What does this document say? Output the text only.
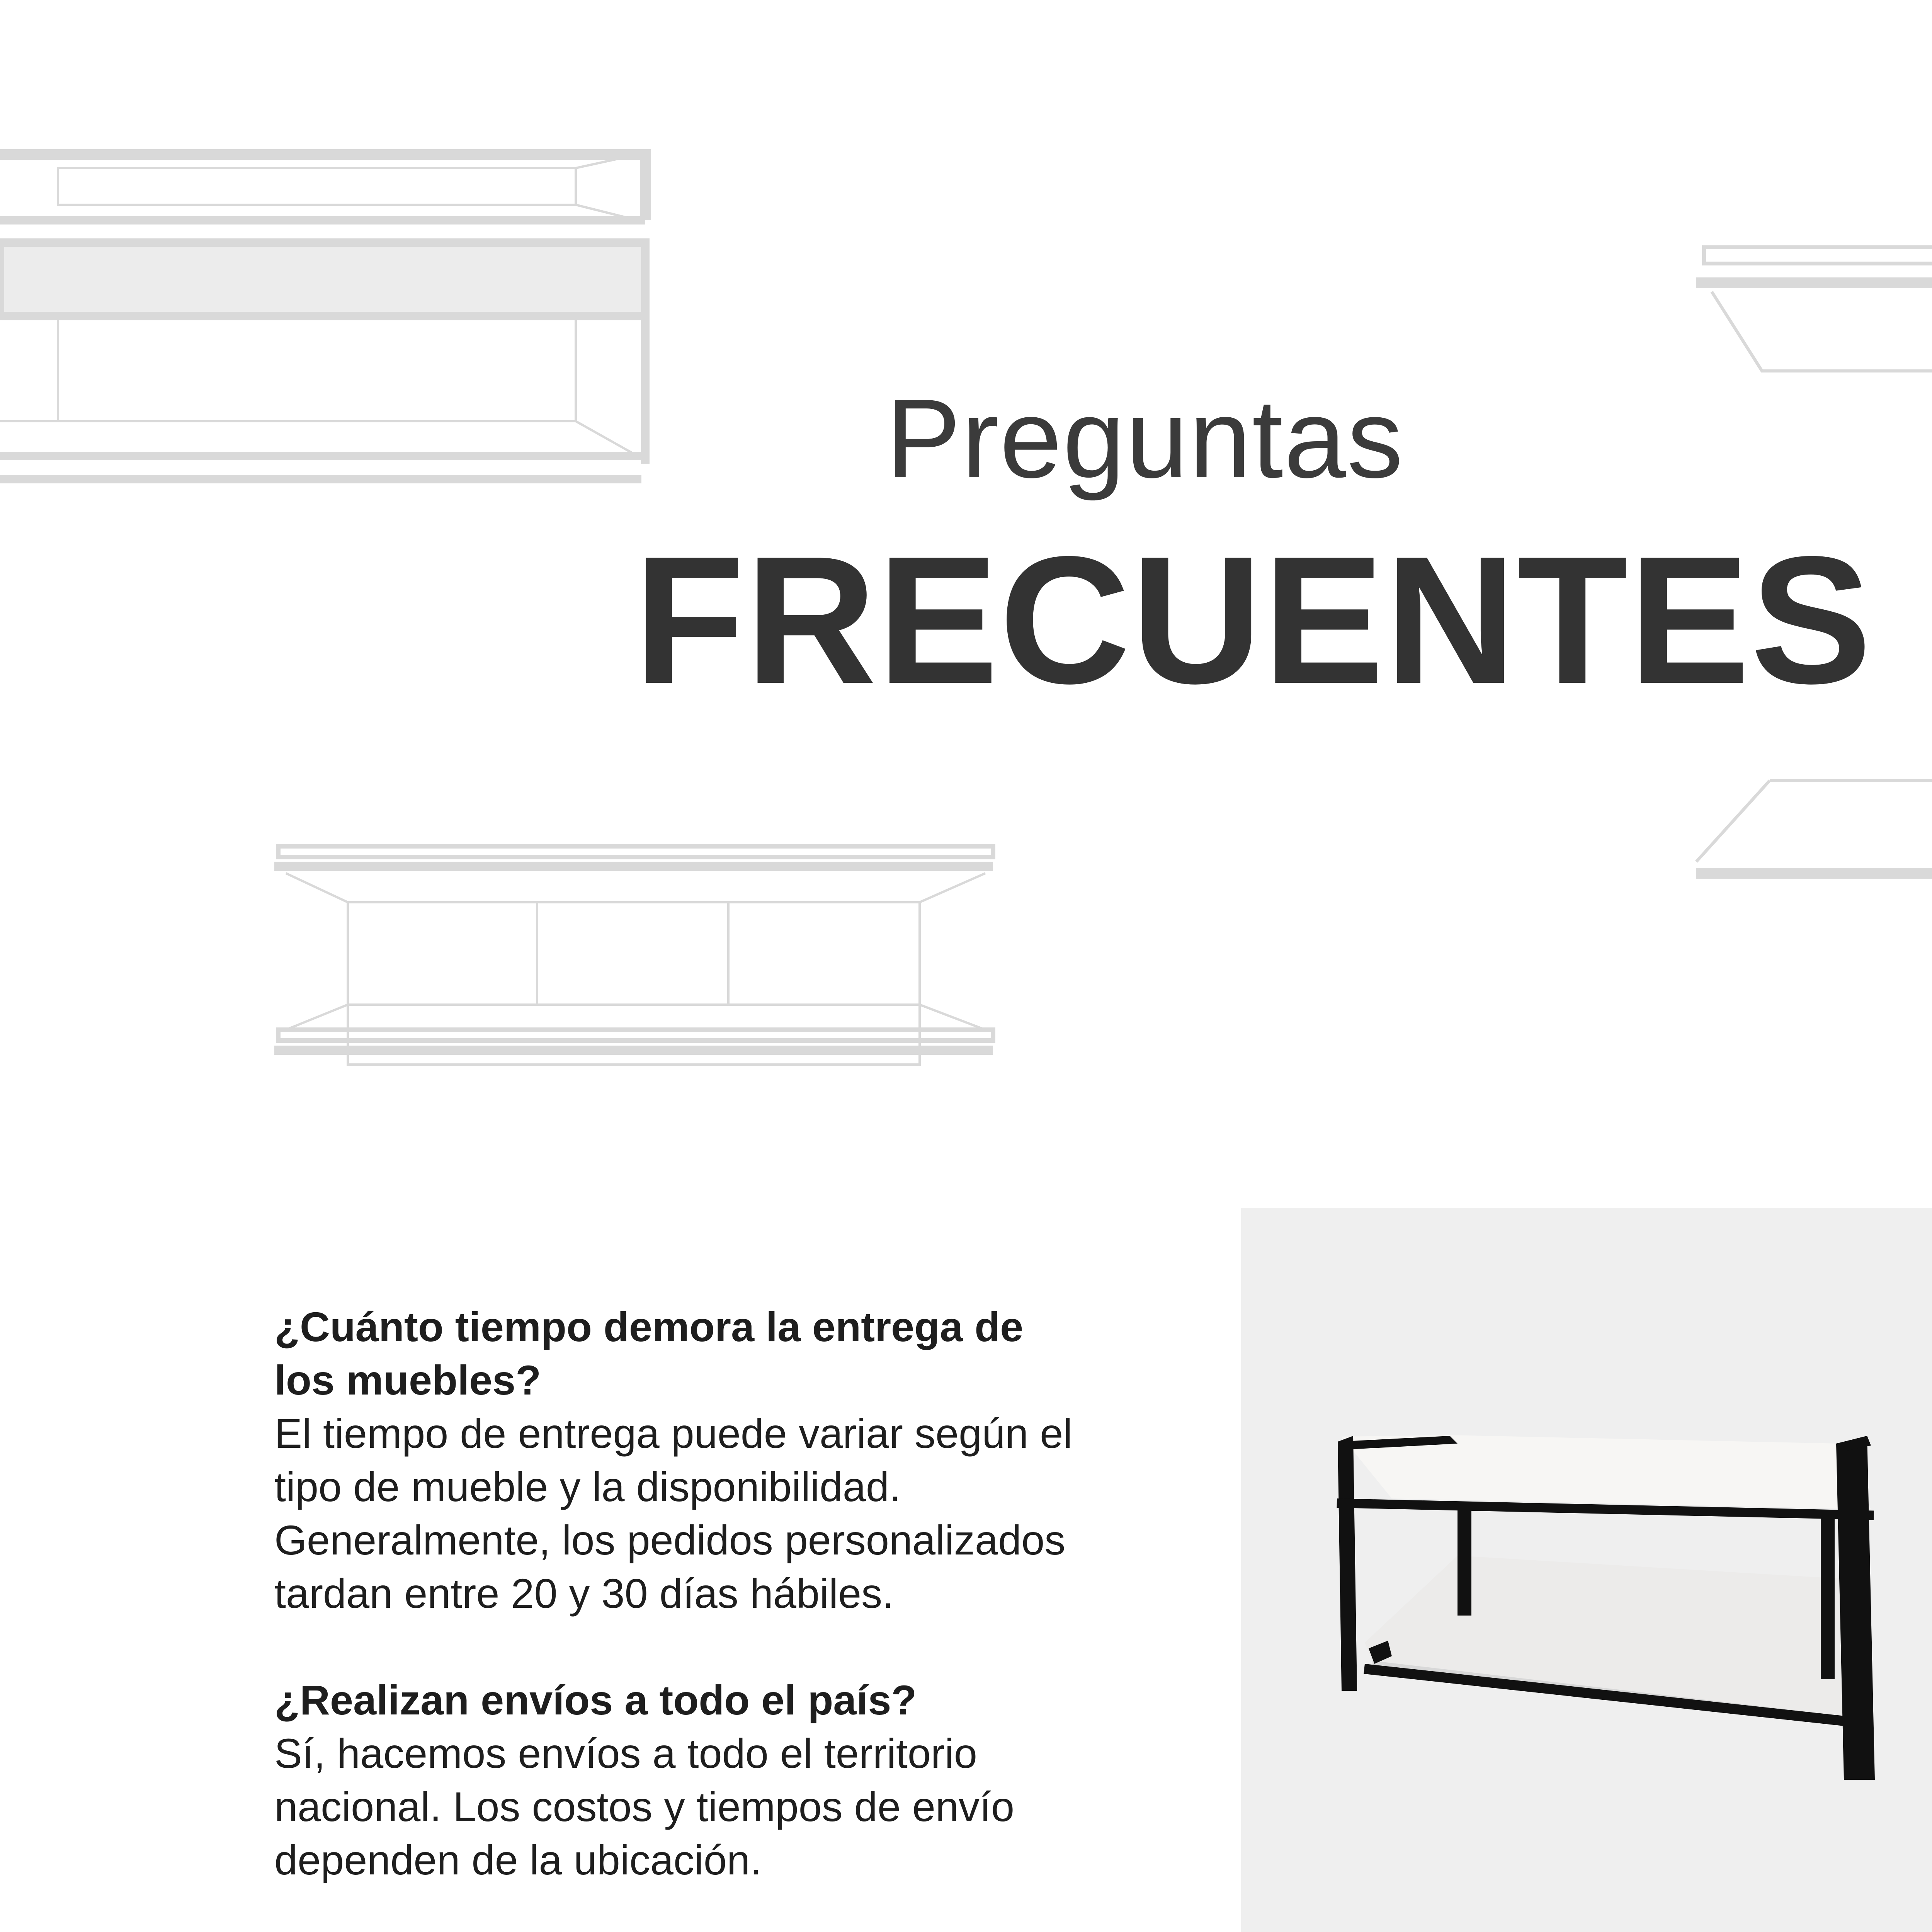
Preguntas
FRECUENTES
¿Cuánto tiempo demora la entrega de los muebles?
El tiempo de entrega puede variar según el tipo de mueble y la disponibilidad. Generalmente, los pedidos personalizados tardan entre 20 y 30 días hábiles.
¿Realizan envíos a todo el país?
Sí, hacemos envíos a todo el territorio nacional. Los costos y tiempos de envío dependen de la ubicación.
